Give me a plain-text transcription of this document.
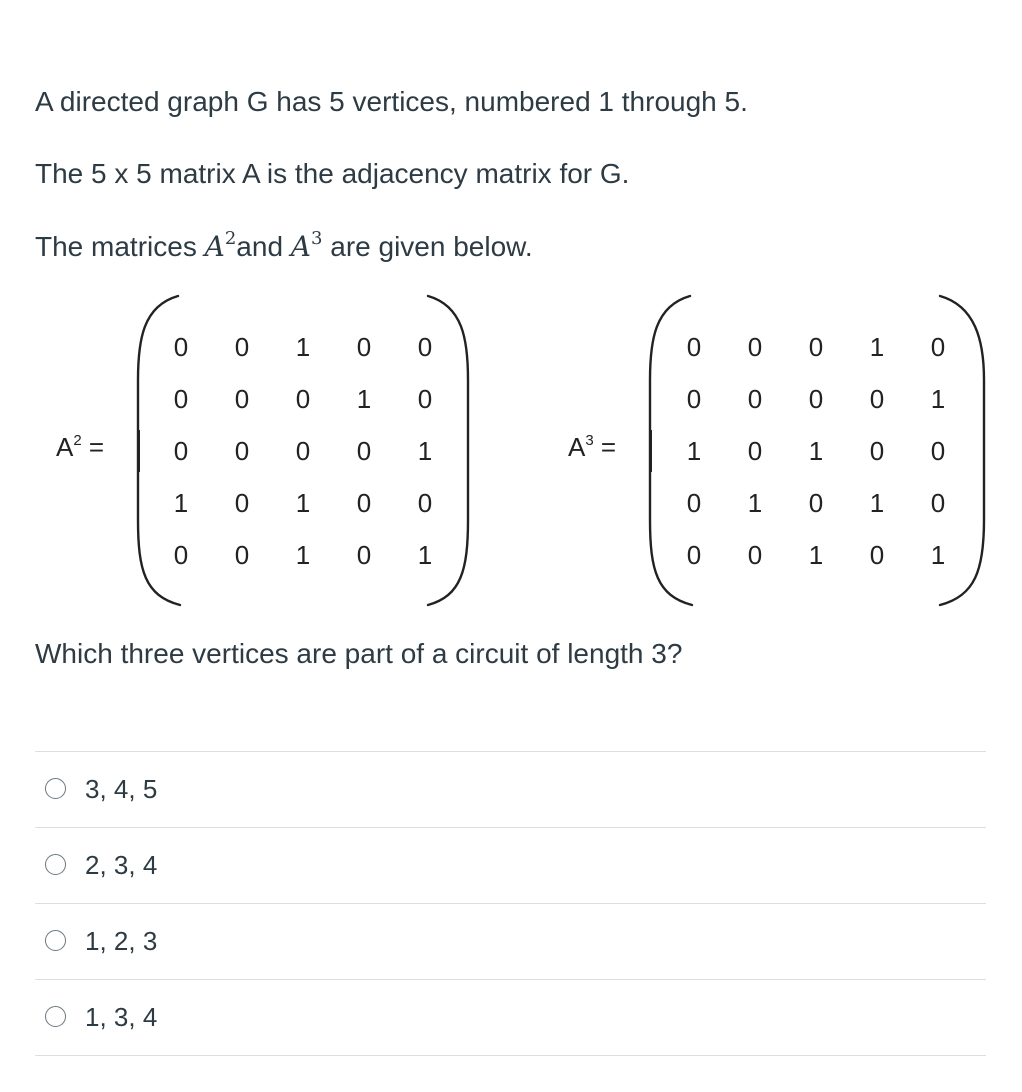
A directed graph G has 5 vertices, numbered 1 through 5.

The 5 x 5 matrix A is the adjacency matrix for G.

The matrices $A^2and$ $A^3$ are given below.

$A^2$ =
0 0 1 0 0
0 0 0 1 0
0 0 0 0 1
1 0 1 0 0
0 0 1 0 1
$A^3$ =
0 0 0 1 0
0 0 0 0 1
1 0 1 0 0
0 1 0 1 0
0 0 1 0 1

Which three vertices are part of a circuit of length 3?

3, 4, 5
2, 3, 4
1, 2, 3
1, 3, 4
